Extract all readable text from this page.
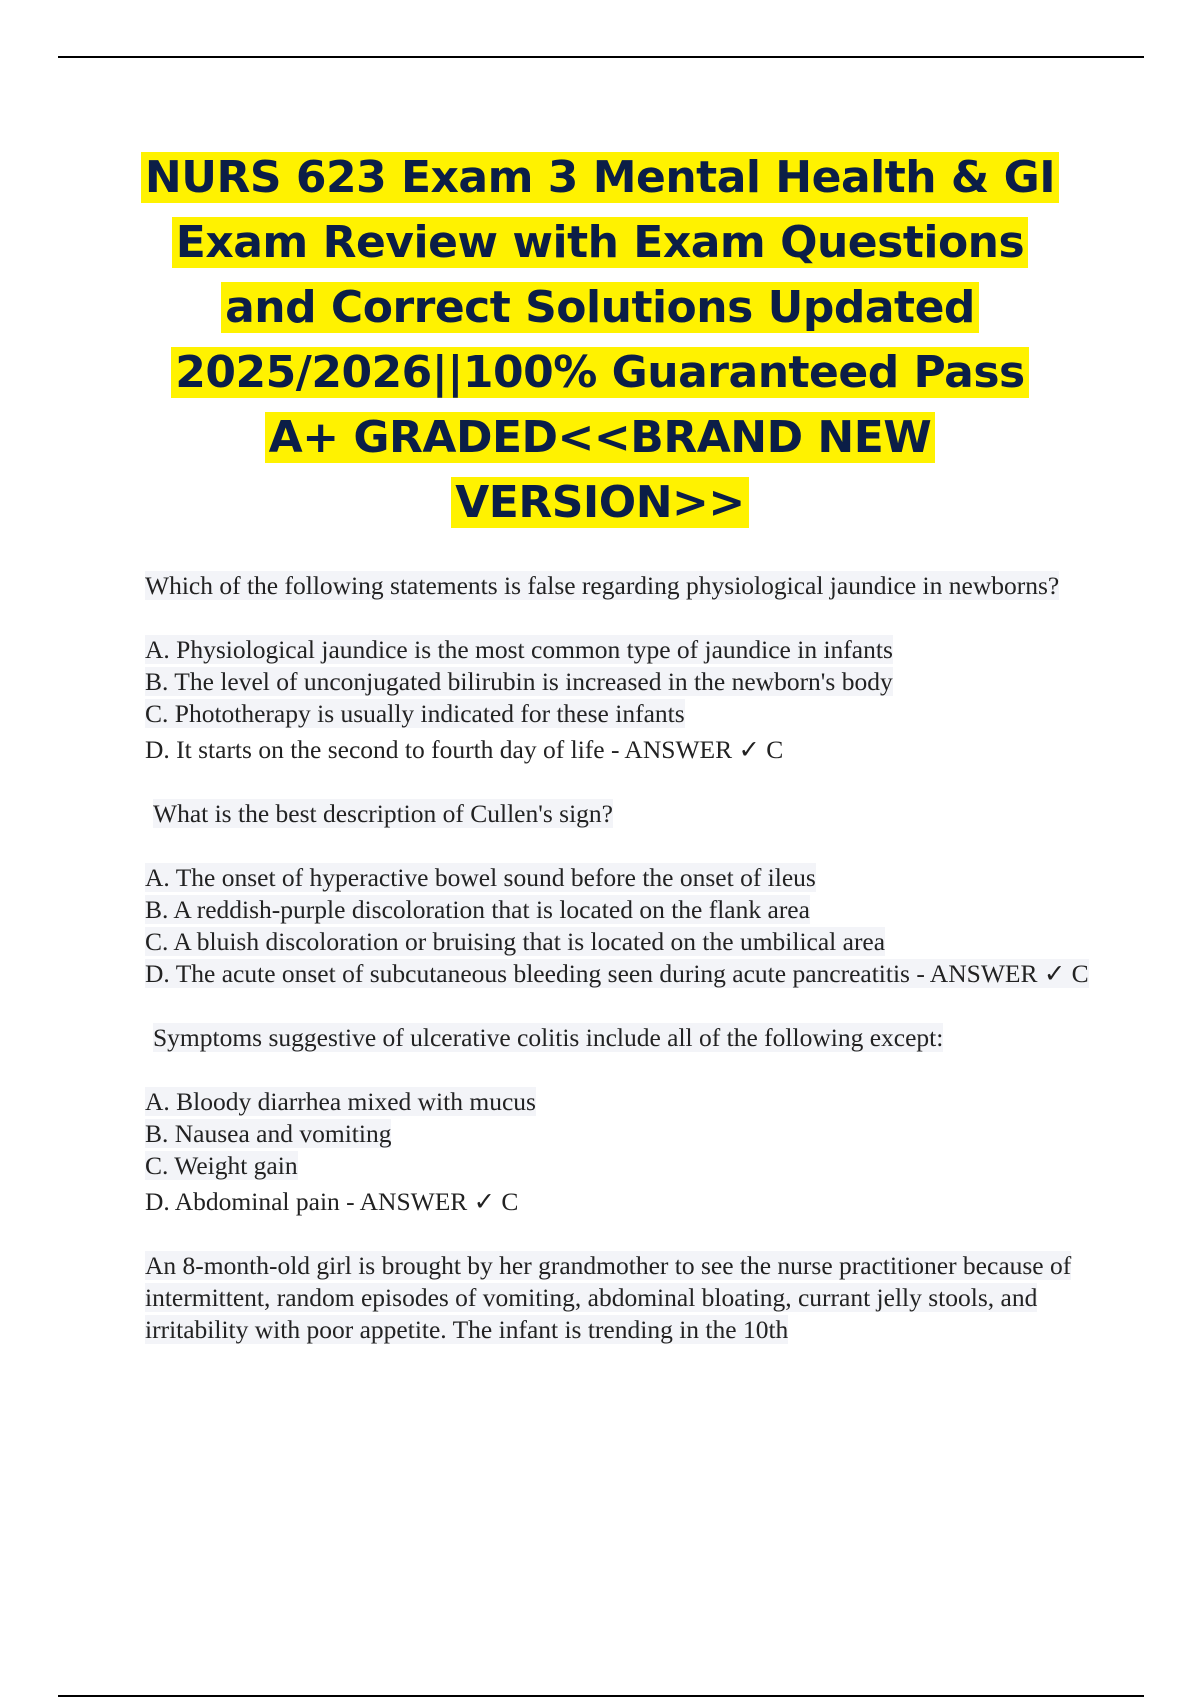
NURS 623 Exam 3 Mental Health & GI
Exam Review with Exam Questions
and Correct Solutions Updated
2025/2026||100% Guaranteed Pass
A+ GRADED<<BRAND NEW
VERSION>>

Which of the following statements is false regarding physiological jaundice in newborns?

A. Physiological jaundice is the most common type of jaundice in infants

B. The level of unconjugated bilirubin is increased in the newborn's body

C. Phototherapy is usually indicated for these infants

D. It starts on the second to fourth day of life - ANSWER ✓ C

What is the best description of Cullen's sign?

A. The onset of hyperactive bowel sound before the onset of ileus

B. A reddish-purple discoloration that is located on the flank area

C. A bluish discoloration or bruising that is located on the umbilical area

D. The acute onset of subcutaneous bleeding seen during acute pancreatitis - ANSWER ✓ C

Symptoms suggestive of ulcerative colitis include all of the following except:

A. Bloody diarrhea mixed with mucus

B. Nausea and vomiting

C. Weight gain

D. Abdominal pain - ANSWER ✓ C

An 8-month-old girl is brought by her grandmother to see the nurse practitioner because of intermittent, random episodes of vomiting, abdominal bloating, currant jelly stools, and irritability with poor appetite. The infant is trending in the 10th
